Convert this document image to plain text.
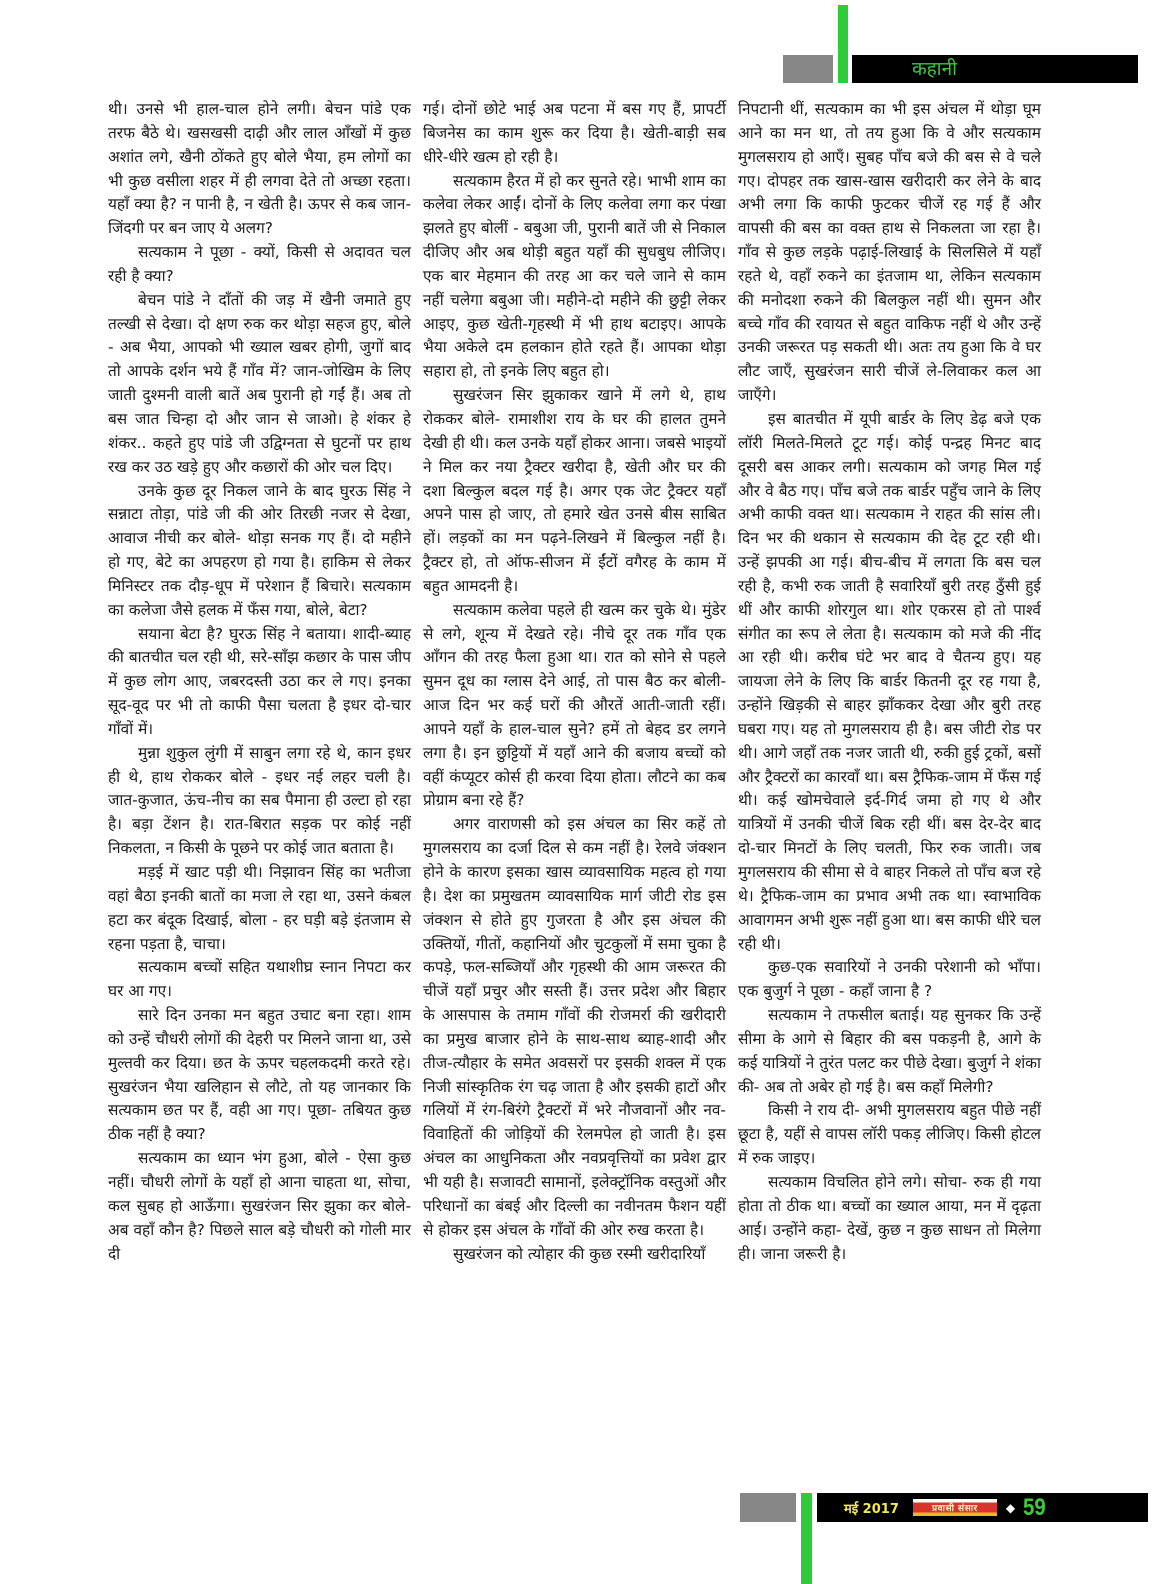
कहानी

थी। उनसे भी हाल-चाल होने लगी। बेचन पांडे एक तरफ बैठे थे। खसखसी दाढ़ी और लाल आँखों में कुछ अशांत लगे, खैनी ठोंकते हुए बोले भैया, हम लोगों का भी कुछ वसीला शहर में ही लगवा देते तो अच्छा रहता। यहाँ क्या है? न पानी है, न खेती है। ऊपर से कब जान-जिंदगी पर बन जाए ये अलग?

सत्यकाम ने पूछा - क्यों, किसी से अदावत चल रही है क्या?

बेचन पांडे ने दाँतों की जड़ में खैनी जमाते हुए तल्खी से देखा। दो क्षण रुक कर थोड़ा सहज हुए, बोले - अब भैया, आपको भी ख्याल खबर होगी, जुगों बाद तो आपके दर्शन भये हैं गाँव में? जान-जोखिम के लिए जाती दुश्मनी वाली बातें अब पुरानी हो गईं हैं। अब तो बस जात चिन्हा दो और जान से जाओ। हे शंकर हे शंकर.. कहते हुए पांडे जी उद्विग्नता से घुटनों पर हाथ रख कर उठ खड़े हुए और कछारों की ओर चल दिए।

उनके कुछ दूर निकल जाने के बाद घुरऊ सिंह ने सन्नाटा तोड़ा, पांडे जी की ओर तिरछी नजर से देखा, आवाज नीची कर बोले- थोड़ा सनक गए हैं। दो महीने हो गए, बेटे का अपहरण हो गया है। हाकिम से लेकर मिनिस्टर तक दौड़-धूप में परेशान हैं बिचारे। सत्यकाम का कलेजा जैसे हलक में फँस गया, बोले, बेटा?

सयाना बेटा है? घुरऊ सिंह ने बताया। शादी-ब्याह की बातचीत चल रही थी, सरे-साँझ कछार के पास जीप में कुछ लोग आए, जबरदस्ती उठा कर ले गए। इनका सूद-वूद पर भी तो काफी पैसा चलता है इधर दो-चार गाँवों में।

मुन्ना शुकुल लुंगी में साबुन लगा रहे थे, कान इधर ही थे, हाथ रोककर बोले - इधर नई लहर चली है। जात-कुजात, ऊंच-नीच का सब पैमाना ही उल्टा हो रहा है। बड़ा टेंशन है। रात-बिरात सड़क पर कोई नहीं निकलता, न किसी के पूछने पर कोई जात बताता है।

मड़ई में खाट पड़ी थी। निझावन सिंह का भतीजा वहां बैठा इनकी बातों का मजा ले रहा था, उसने कंबल हटा कर बंदूक दिखाई, बोला - हर घड़ी बड़े इंतजाम से रहना पड़ता है, चाचा।

सत्यकाम बच्चों सहित यथाशीघ्र स्नान निपटा कर घर आ गए।

सारे दिन उनका मन बहुत उचाट बना रहा। शाम को उन्हें चौधरी लोगों की देहरी पर मिलने जाना था, उसे मुल्तवी कर दिया। छत के ऊपर चहलकदमी करते रहे। सुखरंजन भैया खलिहान से लौटे, तो यह जानकार कि सत्यकाम छत पर हैं, वही आ गए। पूछा- तबियत कुछ ठीक नहीं है क्या?

सत्यकाम का ध्यान भंग हुआ, बोले - ऐसा कुछ नहीं। चौधरी लोगों के यहाँ हो आना चाहता था, सोचा, कल सुबह हो आऊँगा। सुखरंजन सिर झुका कर बोले- अब वहाँ कौन है? पिछले साल बड़े चौधरी को गोली मार दी

गई। दोनों छोटे भाई अब पटना में बस गए हैं, प्रापर्टी बिजनेस का काम शुरू कर दिया है। खेती-बाड़ी सब धीरे-धीरे खत्म हो रही है।

सत्यकाम हैरत में हो कर सुनते रहे। भाभी शाम का कलेवा लेकर आईं। दोनों के लिए कलेवा लगा कर पंखा झलते हुए बोलीं - बबुआ जी, पुरानी बातें जी से निकाल दीजिए और अब थोड़ी बहुत यहाँ की सुधबुध लीजिए। एक बार मेहमान की तरह आ कर चले जाने से काम नहीं चलेगा बबुआ जी। महीने-दो महीने की छुट्टी लेकर आइए, कुछ खेती-गृहस्थी में भी हाथ बटाइए। आपके भैया अकेले दम हलकान होते रहते हैं। आपका थोड़ा सहारा हो, तो इनके लिए बहुत हो।

सुखरंजन सिर झुकाकर खाने में लगे थे, हाथ रोककर बोले- रामाशीश राय के घर की हालत तुमने देखी ही थी। कल उनके यहाँ होकर आना। जबसे भाइयों ने मिल कर नया ट्रैक्टर खरीदा है, खेती और घर की दशा बिल्कुल बदल गई है। अगर एक जेट ट्रैक्टर यहाँ अपने पास हो जाए, तो हमारे खेत उनसे बीस साबित हों। लड़कों का मन पढ़ने-लिखने में बिल्कुल नहीं है। ट्रैक्टर हो, तो ऑफ-सीजन में ईंटों वगैरह के काम में बहुत आमदनी है।

सत्यकाम कलेवा पहले ही खत्म कर चुके थे। मुंडेर से लगे, शून्य में देखते रहे। नीचे दूर तक गाँव एक आँगन की तरह फैला हुआ था। रात को सोने से पहले सुमन दूध का ग्लास देने आई, तो पास बैठ कर बोली- आज दिन भर कई घरों की औरतें आती-जाती रहीं। आपने यहाँ के हाल-चाल सुने? हमें तो बेहद डर लगने लगा है। इन छुट्टियों में यहाँ आने की बजाय बच्चों को वहीं कंप्यूटर कोर्स ही करवा दिया होता। लौटने का कब प्रोग्राम बना रहे हैं?

अगर वाराणसी को इस अंचल का सिर कहें तो मुगलसराय का दर्जा दिल से कम नहीं है। रेलवे जंक्शन होने के कारण इसका खास व्यावसायिक महत्व हो गया है। देश का प्रमुखतम व्यावसायिक मार्ग जीटी रोड इस जंक्शन से होते हुए गुजरता है और इस अंचल की उक्तियों, गीतों, कहानियों और चुटकुलों में समा चुका है कपड़े, फल-सब्जियाँ और गृहस्थी की आम जरूरत की चीजें यहाँ प्रचुर और सस्ती हैं। उत्तर प्रदेश और बिहार के आसपास के तमाम गाँवों की रोजमर्रा की खरीदारी का प्रमुख बाजार होने के साथ-साथ ब्याह-शादी और तीज-त्यौहार के समेत अवसरों पर इसकी शक्ल में एक निजी सांस्कृतिक रंग चढ़ जाता है और इसकी हाटों और गलियों में रंग-बिरंगे ट्रैक्टरों में भरे नौजवानों और नव-विवाहितों की जोड़ियों की रेलमपेल हो जाती है। इस अंचल का आधुनिकता और नवप्रवृत्तियों का प्रवेश द्वार भी यही है। सजावटी सामानों, इलेक्ट्रॉनिक वस्तुओं और परिधानों का बंबई और दिल्ली का नवीनतम फैशन यहीं से होकर इस अंचल के गाँवों की ओर रुख करता है।

सुखरंजन को त्योहार की कुछ रस्मी खरीदारियाँ

निपटानी थीं, सत्यकाम का भी इस अंचल में थोड़ा घूम आने का मन था, तो तय हुआ कि वे और सत्यकाम मुगलसराय हो आएँ। सुबह पाँच बजे की बस से वे चले गए। दोपहर तक खास-खास खरीदारी कर लेने के बाद अभी लगा कि काफी फुटकर चीजें रह गई हैं और वापसी की बस का वक्त हाथ से निकलता जा रहा है। गाँव से कुछ लड़के पढ़ाई-लिखाई के सिलसिले में यहाँ रहते थे, वहाँ रुकने का इंतजाम था, लेकिन सत्यकाम की मनोदशा रुकने की बिलकुल नहीं थी। सुमन और बच्चे गाँव की रवायत से बहुत वाकिफ नहीं थे और उन्हें उनकी जरूरत पड़ सकती थी। अतः तय हुआ कि वे घर लौट जाएँ, सुखरंजन सारी चीजें ले-लिवाकर कल आ जाएँगे।

इस बातचीत में यूपी बार्डर के लिए डेढ़ बजे एक लॉरी मिलते-मिलते टूट गई। कोई पन्द्रह मिनट बाद दूसरी बस आकर लगी। सत्यकाम को जगह मिल गई और वे बैठ गए। पाँच बजे तक बार्डर पहुँच जाने के लिए अभी काफी वक्त था। सत्यकाम ने राहत की सांस ली। दिन भर की थकान से सत्यकाम की देह टूट रही थी। उन्हें झपकी आ गई। बीच-बीच में लगता कि बस चल रही है, कभी रुक जाती है सवारियाँ बुरी तरह ठुँसी हुई थीं और काफी शोरगुल था। शोर एकरस हो तो पार्श्व संगीत का रूप ले लेता है। सत्यकाम को मजे की नींद आ रही थी। करीब घंटे भर बाद वे चैतन्य हुए। यह जायजा लेने के लिए कि बार्डर कितनी दूर रह गया है, उन्होंने खिड़की से बाहर झाँककर देखा और बुरी तरह घबरा गए। यह तो मुगलसराय ही है। बस जीटी रोड पर थी। आगे जहाँ तक नजर जाती थी, रुकी हुई ट्रकों, बसों और ट्रैक्टरों का कारवाँ था। बस ट्रैफिक-जाम में फँस गई थी। कई खोमचेवाले इर्द-गिर्द जमा हो गए थे और यात्रियों में उनकी चीजें बिक रही थीं। बस देर-देर बाद दो-चार मिनटों के लिए चलती, फिर रुक जाती। जब मुगलसराय की सीमा से वे बाहर निकले तो पाँच बज रहे थे। ट्रैफिक-जाम का प्रभाव अभी तक था। स्वाभाविक आवागमन अभी शुरू नहीं हुआ था। बस काफी धीरे चल रही थी।

कुछ-एक सवारियों ने उनकी परेशानी को भाँपा। एक बुजुर्ग ने पूछा - कहाँ जाना है ?

सत्यकाम ने तफसील बताई। यह सुनकर कि उन्हें सीमा के आगे से बिहार की बस पकड़नी है, आगे के कई यात्रियों ने तुरंत पलट कर पीछे देखा। बुजुर्ग ने शंका की- अब तो अबेर हो गई है। बस कहाँ मिलेगी?

किसी ने राय दी- अभी मुगलसराय बहुत पीछे नहीं छूटा है, यहीं से वापस लॉरी पकड़ लीजिए। किसी होटल में रुक जाइए।

सत्यकाम विचलित होने लगे। सोचा- रुक ही गया होता तो ठीक था। बच्चों का ख्याल आया, मन में दृढ़ता आई। उन्होंने कहा- देखें, कुछ न कुछ साधन तो मिलेगा ही। जाना जरूरी है।

मई 2017	प्रवासी संसार	◆ 59
